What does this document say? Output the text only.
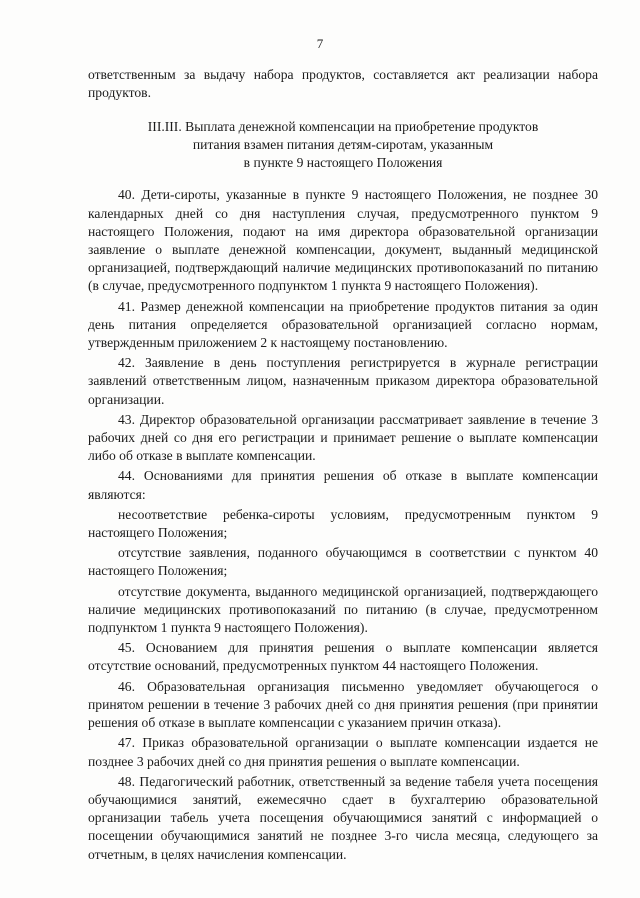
7

ответственным за выдачу набора продуктов, составляется акт реализации набора продуктов.

III.III. Выплата денежной компенсации на приобретение продуктов
питания взамен питания детям-сиротам, указанным
в пункте 9 настоящего Положения

40. Дети-сироты, указанные в пункте 9 настоящего Положения, не позднее 30 календарных дней со дня наступления случая, предусмотренного пунктом 9 настоящего Положения, подают на имя директора образовательной организации заявление о выплате денежной компенсации, документ, выданный медицинской организацией, подтверждающий наличие медицинских противопоказаний по питанию (в случае, предусмотренного подпунктом 1 пункта 9 настоящего Положения).

41. Размер денежной компенсации на приобретение продуктов питания за один день питания определяется образовательной организацией согласно нормам, утвержденным приложением 2 к настоящему постановлению.

42. Заявление в день поступления регистрируется в журнале регистрации заявлений ответственным лицом, назначенным приказом директора образовательной организации.

43. Директор образовательной организации рассматривает заявление в течение 3 рабочих дней со дня его регистрации и принимает решение о выплате компенсации либо об отказе в выплате компенсации.

44. Основаниями для принятия решения об отказе в выплате компенсации являются:

несоответствие ребенка-сироты условиям, предусмотренным пунктом 9 настоящего Положения;

отсутствие заявления, поданного обучающимся в соответствии с пунктом 40 настоящего Положения;

отсутствие документа, выданного медицинской организацией, подтверждающего наличие медицинских противопоказаний по питанию (в случае, предусмотренном подпунктом 1 пункта 9 настоящего Положения).

45. Основанием для принятия решения о выплате компенсации является отсутствие оснований, предусмотренных пунктом 44 настоящего Положения.

46. Образовательная организация письменно уведомляет обучающегося о принятом решении в течение 3 рабочих дней со дня принятия решения (при принятии решения об отказе в выплате компенсации с указанием причин отказа).

47. Приказ образовательной организации о выплате компенсации издается не позднее 3 рабочих дней со дня принятия решения о выплате компенсации.

48. Педагогический работник, ответственный за ведение табеля учета посещения обучающимися занятий, ежемесячно сдает в бухгалтерию образовательной организации табель учета посещения обучающимися занятий с информацией о посещении обучающимися занятий не позднее 3-го числа месяца, следующего за отчетным, в целях начисления компенсации.
